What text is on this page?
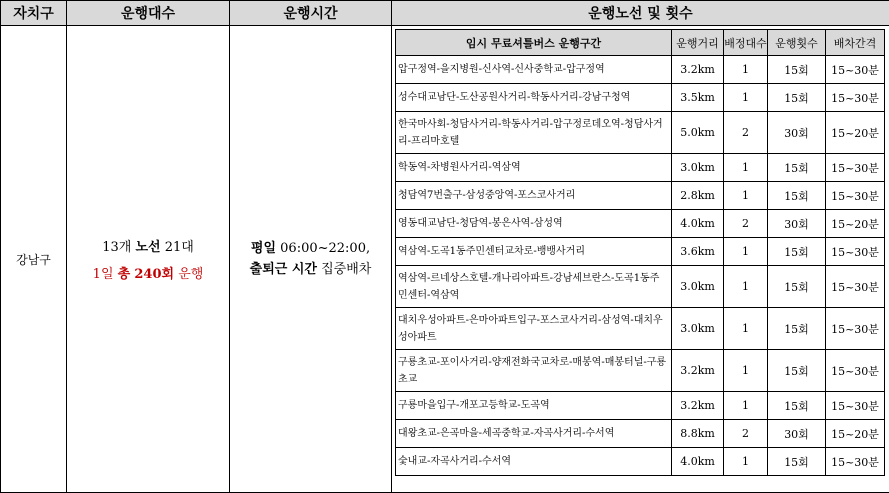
자치구	운행대수	운행시간	운행노선 및 횟수
강남구	
13개 노선 21대
1일 총 240회 운행

평일 06:00~22:00,
출퇴근 시간 집중배차

임시 무료셔틀버스 운행구간	운행거리	배정대수	운행횟수	배차간격
압구정역-을지병원-신사역-신사중학교-압구정역	3.2km	1	15회	15~30분
성수대교남단-도산공원사거리-학동사거리-강남구청역	3.5km	1	15회	15~30분
한국마사회-청담사거리-학동사거리-압구정로데오역-청담사거리-프리마호텔	5.0km	2	30회	15~20분
학동역-차병원사거리-역삼역	3.0km	1	15회	15~30분
청담역7번출구-삼성중앙역-포스코사거리	2.8km	1	15회	15~30분
영동대교남단-청담역-봉은사역-삼성역	4.0km	2	30회	15~20분
역삼역-도곡1동주민센터교차로-뱅뱅사거리	3.6km	1	15회	15~30분
역삼역-르네상스호텔-개나리아파트-강남세브란스-도곡1동주민센터-역삼역	3.0km	1	15회	15~30분
대치우성아파트-은마아파트입구-포스코사거리-삼성역-대치우성아파트	3.0km	1	15회	15~30분
구룡초교-포이사거리-양재전화국교차로-매봉역-매봉터널-구룡초교	3.2km	1	15회	15~30분
구룡마을입구-개포고등학교-도곡역	3.2km	1	15회	15~30분
대왕초교-은곡마을-세곡중학교-자곡사거리-수서역	8.8km	2	30회	15~20분
숯내교-자곡사거리-수서역	4.0km	1	15회	15~30분
